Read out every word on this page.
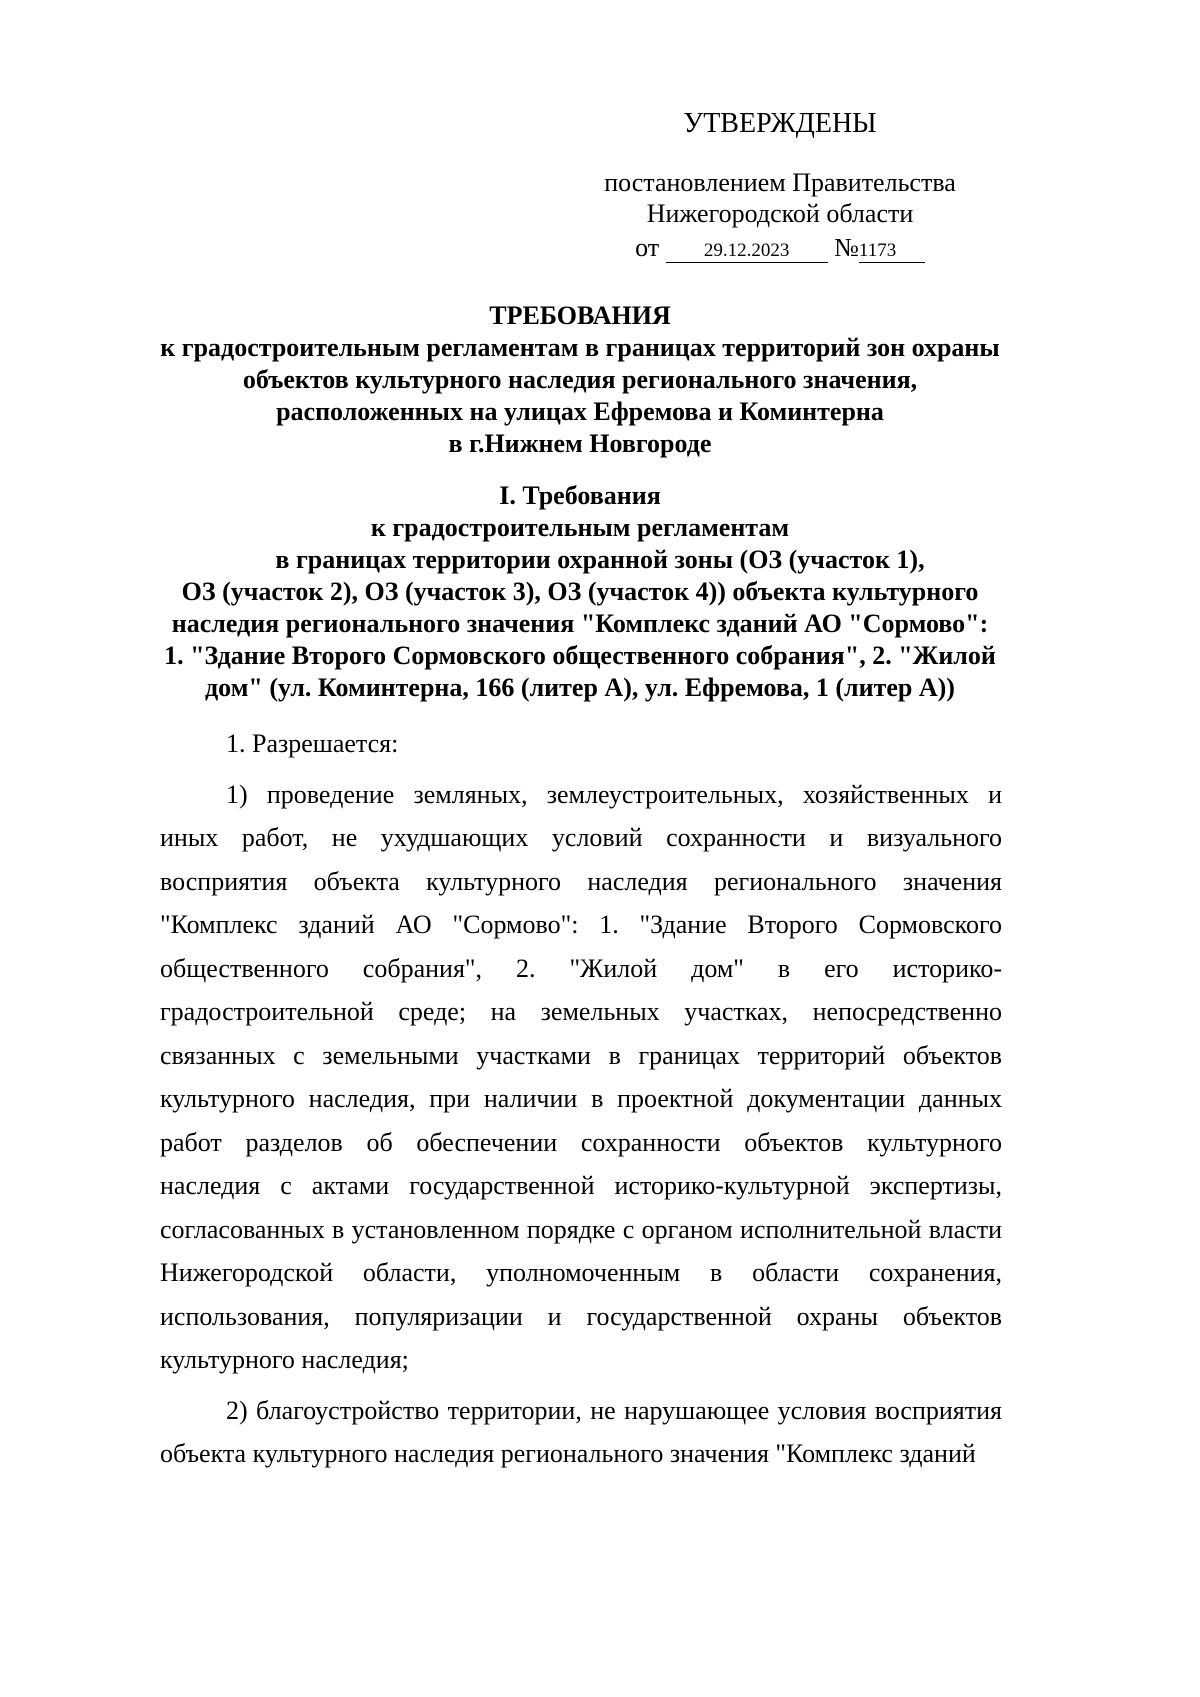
УТВЕРЖДЕНЫ
постановлением Правительства
Нижегородской области
от 29.12.2023 №1173
ТРЕБОВАНИЯ
к градостроительным регламентам в границах территорий зон охраны
объектов культурного наследия регионального значения,
расположенных на улицах Ефремова и Коминтерна
в г.Нижнем Новгороде
I. Требования
к градостроительным регламентам
в границах территории охранной зоны (ОЗ (участок 1),
ОЗ (участок 2), ОЗ (участок 3), ОЗ (участок 4)) объекта культурного
наследия регионального значения "Комплекс зданий АО "Сормово":
1. "Здание Второго Сормовского общественного собрания", 2. "Жилой
дом" (ул. Коминтерна, 166 (литер А), ул. Ефремова, 1 (литер А))

1. Разрешается:

1) проведение земляных, землеустроительных, хозяйственных и иных работ, не ухудшающих условий сохранности и визуального восприятия объекта культурного наследия регионального значения "Комплекс зданий АО "Сормово": 1. "Здание Второго Сормовского общественного собрания", 2. "Жилой дом" в его историко-градостроительной среде; на земельных участках, непосредственно связанных с земельными участками в границах территорий объектов культурного наследия, при наличии в проектной документации данных работ разделов об обеспечении сохранности объектов культурного наследия с актами государственной историко-культурной экспертизы, согласованных в установленном порядке с органом исполнительной власти Нижегородской области, уполномоченным в области сохранения, использования, популяризации и государственной охраны объектов культурного наследия;

2) благоустройство территории, не нарушающее условия восприятия объекта культурного наследия регионального значения "Комплекс зданий
